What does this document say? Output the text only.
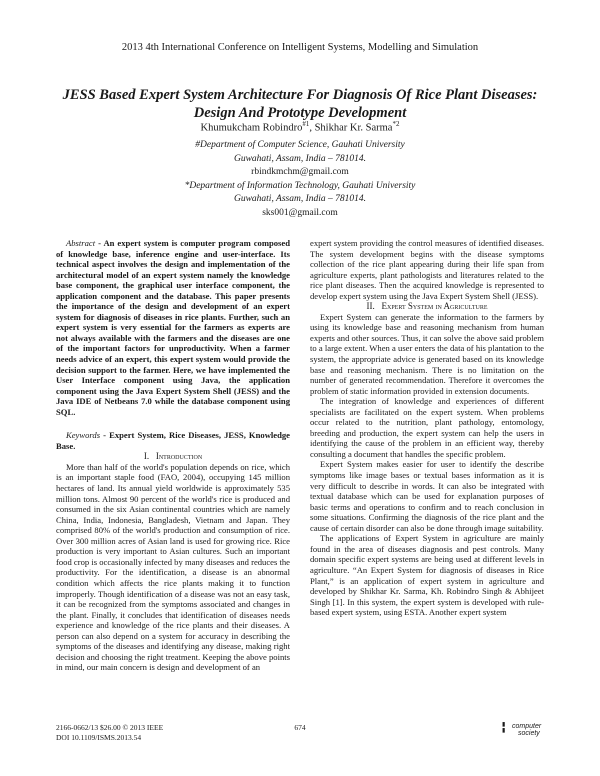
2013 4th International Conference on Intelligent Systems, Modelling and Simulation
JESS Based Expert System Architecture For Diagnosis Of Rice Plant Diseases: Design And Prototype Development
Khumukcham Robindro$^{\#1}$, Shikhar Kr. Sarma$^{*2}$
#Department of Computer Science, Gauhati University
Guwahati, Assam, India – 781014.
rbindkmchm@gmail.com
*Department of Information Technology, Gauhati University
Guwahati, Assam, India – 781014.
sks001@gmail.com

Abstract - An expert system is computer program composed of knowledge base, inference engine and user-interface. Its technical aspect involves the design and implementation of the architectural model of an expert system namely the knowledge base component, the graphical user interface component, the application component and the database. This paper presents the importance of the design and development of an expert system for diagnosis of diseases in rice plants. Further, such an expert system is very essential for the farmers as experts are not always available with the farmers and the diseases are one of the important factors for unproductivity. When a farmer needs advice of an expert, this expert system would provide the decision support to the farmer. Here, we have implemented the User Interface component using Java, the application component using the Java Expert System Shell (JESS) and the Java IDE of Netbeans 7.0 while the database component using SQL.

Keywords - Expert System, Rice Diseases, JESS, Knowledge Base.

I. Introduction

More than half of the world's population depends on rice, which is an important staple food (FAO, 2004), occupying 145 million hectares of land. Its annual yield worldwide is approximately 535 million tons. Almost 90 percent of the world's rice is produced and consumed in the six Asian continental countries which are namely China, India, Indonesia, Bangladesh, Vietnam and Japan. They comprised 80% of the world's production and consumption of rice. Over 300 million acres of Asian land is used for growing rice. Rice production is very important to Asian cultures. Such an important food crop is occasionally infected by many diseases and reduces the productivity. For the identification, a disease is an abnormal condition which affects the rice plants making it to function improperly. Though identification of a disease was not an easy task, it can be recognized from the symptoms associated and changes in the plant. Finally, it concludes that identification of diseases needs experience and knowledge of the rice plants and their diseases. A person can also depend on a system for accuracy in describing the symptoms of the diseases and identifying any disease, making right decision and choosing the right treatment. Keeping the above points in mind, our main concern is design and development of an

expert system providing the control measures of identified diseases. The system development begins with the disease symptoms collection of the rice plant appearing during their life span from agriculture experts, plant pathologists and literatures related to the rice plant diseases. Then the acquired knowledge is represented to develop expert system using the Java Expert System Shell (JESS).

II. Expert System in Agriculture

Expert System can generate the information to the farmers by using its knowledge base and reasoning mechanism from human experts and other sources. Thus, it can solve the above said problem to a large extent. When a user enters the data of his plantation to the system, the appropriate advice is generated based on its knowledge base and reasoning mechanism. There is no limitation on the number of generated recommendation. Therefore it overcomes the problem of static information provided in extension documents.

The integration of knowledge and experiences of different specialists are facilitated on the expert system. When problems occur related to the nutrition, plant pathology, entomology, breeding and production, the expert system can help the users in identifying the cause of the problem in an efficient way, thereby consulting a document that handles the specific problem.

Expert System makes easier for user to identify the describe symptoms like image bases or textual bases information as it is very difficult to describe in words. It can also be integrated with textual database which can be used for explanation purposes of basic terms and operations to confirm and to reach conclusion in some situations. Confirming the diagnosis of the rice plant and the cause of certain disorder can also be done through image suitability.

The applications of Expert System in agriculture are mainly found in the area of diseases diagnosis and pest controls. Many domain specific expert systems are being used at different levels in agriculture. “An Expert System for diagnosis of diseases in Rice Plant,” is an application of expert system in agriculture and developed by Shikhar Kr. Sarma, Kh. Robindro Singh & Abhijeet Singh [1]. In this system, the expert system is developed with rule-based expert system, using ESTA. Another expert system

2166-0662/13 $26.00 © 2013 IEEE
DOI 10.1109/ISMS.2013.54
674	▮
▮
computer
society
